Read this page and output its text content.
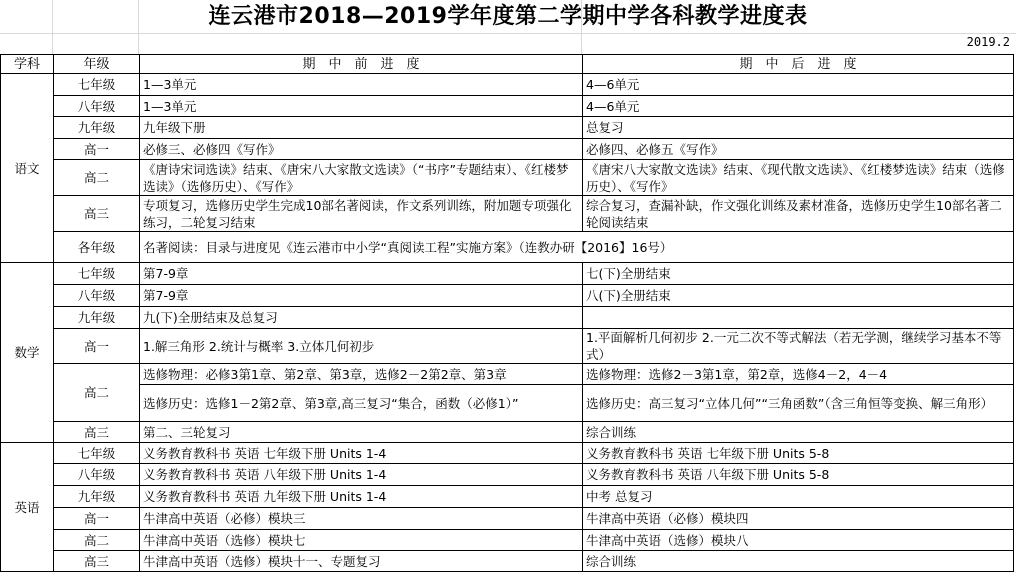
连云港市2018—2019学年度第二学期中学各科教学进度表
2019.2
学科	年级	期　中　前　进　度	期　中　后　进　度
语文	七年级	1—3单元	4—6单元
	八年级	1—3单元	4—6单元
	九年级	九年级下册	总复习
	高一	必修三、必修四《写作》	必修四、必修五《写作》
	高二	《唐诗宋词选读》结束、《唐宋八大家散文选读》（“书序”专题结束）、《红楼梦选读》（选修历史）、《写作》	《唐宋八大家散文选读》结束、《现代散文选读》、《红楼梦选读》结束（选修历史）、《写作》
	高三	专项复习，选修历史学生完成10部名著阅读，作文系列训练，附加题专项强化练习，二轮复习结束	综合复习，查漏补缺，作文强化训练及素材准备，选修历史学生10部名著二轮阅读结束
	各年级	名著阅读：目录与进度见《连云港市中小学“真阅读工程”实施方案》（连教办研【2016】16号）	
数学	七年级	第7-9章	七(下)全册结束
	八年级	第7-9章	八(下)全册结束
	九年级	九(下)全册结束及总复习	
	高一	1.解三角形 2.统计与概率 3.立体几何初步	1.平面解析几何初步 2.一元二次不等式解法（若无学测，继续学习基本不等式）
	高二	选修物理：必修3第1章、第2章、第3章，选修2－2第2章、第3章	选修物理：选修2－3第1章，第2章，选修4－2，4－4
		选修历史：选修1－2第2章、第3章,高三复习“集合，函数（必修1）”	选修历史：高三复习“立体几何”“三角函数”（含三角恒等变换、解三角形）
	高三	第二、三轮复习	综合训练
英语	七年级	义务教育教科书 英语 七年级下册 Units 1-4	义务教育教科书 英语 七年级下册 Units 5-8
	八年级	义务教育教科书 英语 八年级下册 Units 1-4	义务教育教科书 英语 八年级下册 Units 5-8
	九年级	义务教育教科书 英语 九年级下册 Units 1-4	中考 总复习
	高一	牛津高中英语（必修）模块三	牛津高中英语（必修）模块四
	高二	牛津高中英语（选修）模块七	牛津高中英语（选修）模块八
	高三	牛津高中英语（选修）模块十一、专题复习	综合训练
